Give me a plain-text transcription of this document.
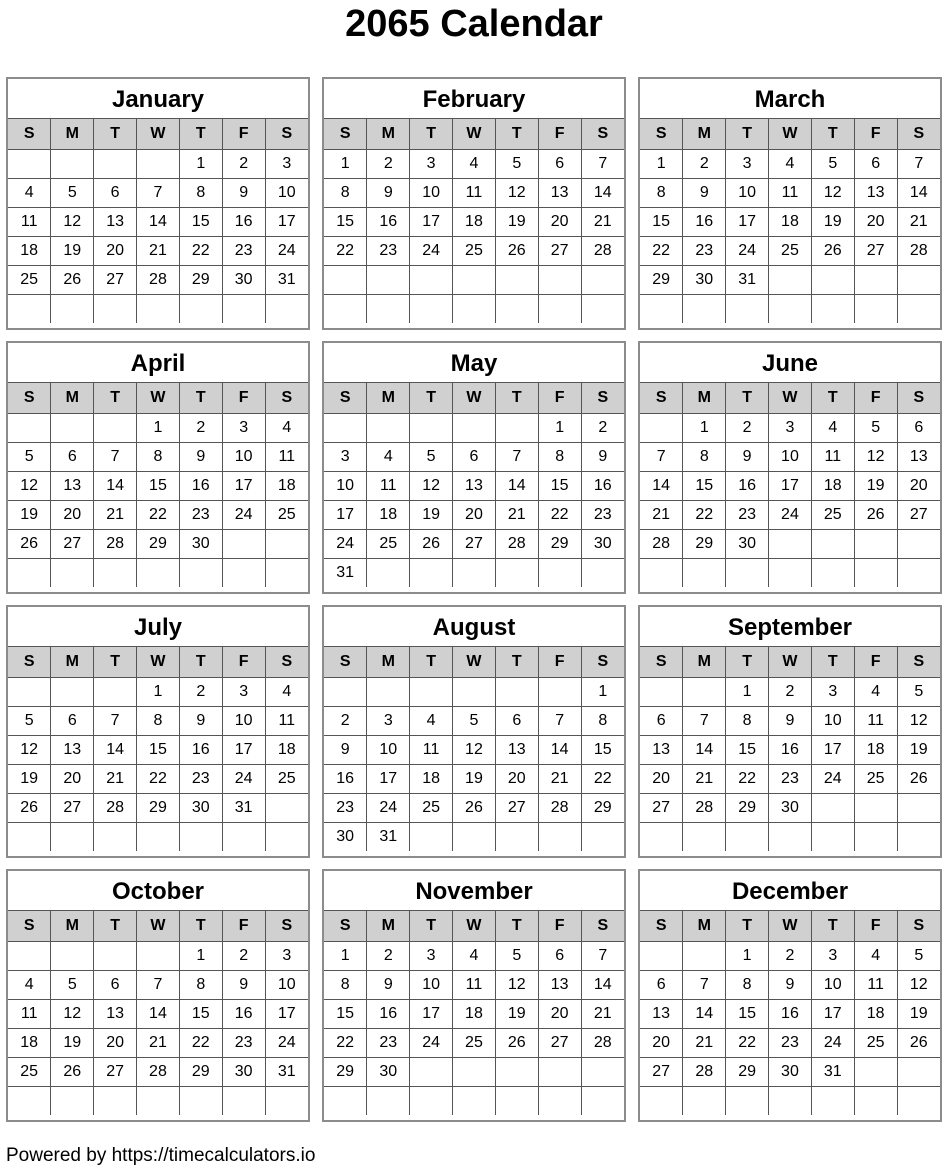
2065 Calendar
January
S	M	T	W	T	F	S
				1	2	3
4	5	6	7	8	9	10
11	12	13	14	15	16	17
18	19	20	21	22	23	24
25	26	27	28	29	30	31

February
S	M	T	W	T	F	S
1	2	3	4	5	6	7
8	9	10	11	12	13	14
15	16	17	18	19	20	21
22	23	24	25	26	27	28

March
S	M	T	W	T	F	S
1	2	3	4	5	6	7
8	9	10	11	12	13	14
15	16	17	18	19	20	21
22	23	24	25	26	27	28
29	30	31				

April
S	M	T	W	T	F	S
			1	2	3	4
5	6	7	8	9	10	11
12	13	14	15	16	17	18
19	20	21	22	23	24	25
26	27	28	29	30		

May
S	M	T	W	T	F	S
					1	2
3	4	5	6	7	8	9
10	11	12	13	14	15	16
17	18	19	20	21	22	23
24	25	26	27	28	29	30
31						
June
S	M	T	W	T	F	S
	1	2	3	4	5	6
7	8	9	10	11	12	13
14	15	16	17	18	19	20
21	22	23	24	25	26	27
28	29	30				

July
S	M	T	W	T	F	S
			1	2	3	4
5	6	7	8	9	10	11
12	13	14	15	16	17	18
19	20	21	22	23	24	25
26	27	28	29	30	31	

August
S	M	T	W	T	F	S
						1
2	3	4	5	6	7	8
9	10	11	12	13	14	15
16	17	18	19	20	21	22
23	24	25	26	27	28	29
30	31					
September
S	M	T	W	T	F	S
		1	2	3	4	5
6	7	8	9	10	11	12
13	14	15	16	17	18	19
20	21	22	23	24	25	26
27	28	29	30			

October
S	M	T	W	T	F	S
				1	2	3
4	5	6	7	8	9	10
11	12	13	14	15	16	17
18	19	20	21	22	23	24
25	26	27	28	29	30	31

November
S	M	T	W	T	F	S
1	2	3	4	5	6	7
8	9	10	11	12	13	14
15	16	17	18	19	20	21
22	23	24	25	26	27	28
29	30					

December
S	M	T	W	T	F	S
		1	2	3	4	5
6	7	8	9	10	11	12
13	14	15	16	17	18	19
20	21	22	23	24	25	26
27	28	29	30	31		

Powered by https://timecalculators.io
